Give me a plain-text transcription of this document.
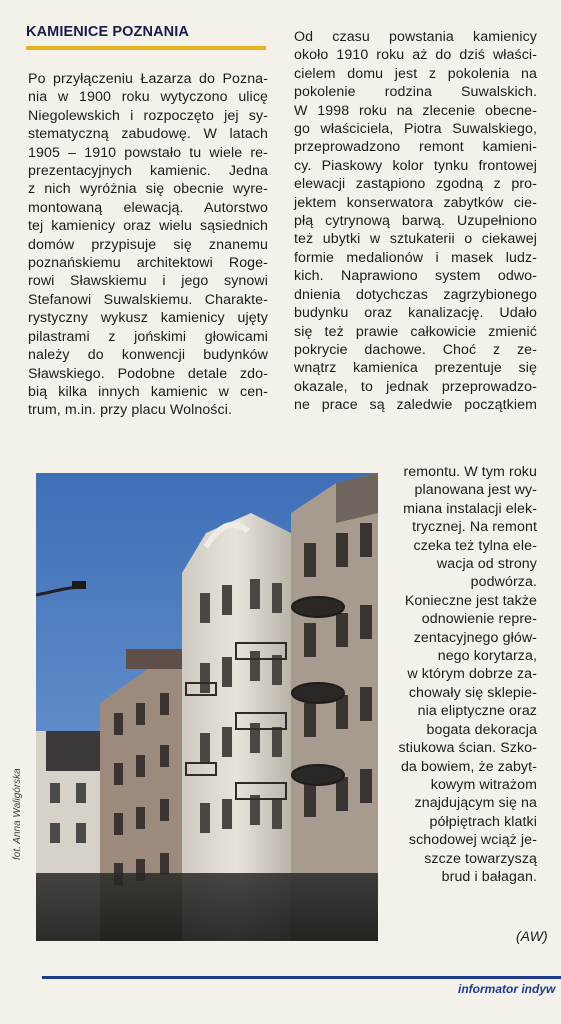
KAMIENICE POZNANIA

Po przyłączeniu Łazarza do Pozna-

nia w 1900 roku wytyczono ulicę

Niegolewskich i rozpoczęto jej sy-

stematyczną zabudowę. W latach

1905 – 1910 powstało tu wiele re-

prezentacyjnych kamienic. Jedna

z nich wyróżnia się obecnie wyre-

montowaną elewacją. Autorstwo

tej kamienicy oraz wielu sąsiednich

domów przypisuje się znanemu

poznańskiemu architektowi Roge-

rowi Sławskiemu i jego synowi

Stefanowi Suwalskiemu. Charakte-

rystyczny wykusz kamienicy ujęty

pilastrami z jońskimi głowicami

należy do konwencji budynków

Sławskiego. Podobne detale zdo-

bią kilka innych kamienic w cen-

trum, m.in. przy placu Wolności.

Od czasu powstania kamienicy

około 1910 roku aż do dziś właści-

cielem domu jest z pokolenia na

pokolenie rodzina Suwalskich.

W 1998 roku na zlecenie obecne-

go właściciela, Piotra Suwalskiego,

przeprowadzono remont kamieni-

cy. Piaskowy kolor tynku frontowej

elewacji zastąpiono zgodną z pro-

jektem konserwatora zabytków cie-

płą cytrynową barwą. Uzupełniono

też ubytki w sztukaterii o ciekawej

formie medalionów i masek ludz-

kich. Naprawiono system odwo-

dnienia dotychczas zagrzybionego

budynku oraz kanalizację. Udało

się też prawie całkowicie zmienić

pokrycie dachowe. Choć z ze-

wnątrz kamienica prezentuje się

okazale, to jednak przeprowadzo-

ne prace są zaledwie początkiem

remontu. W tym roku

planowana jest wy-

miana instalacji elek-

trycznej. Na remont

czeka też tylna ele-

wacja od strony

podwórza.

Konieczne jest także

odnowienie repre-

zentacyjnego głów-

nego korytarza,

w którym dobrze za-

chowały się sklepie-

nia eliptyczne oraz

bogata dekoracja

stiukowa ścian. Szko-

da bowiem, że zabyt-

kowym witrażom

znajdującym się na

półpiętrach klatki

schodowej wciąż je-

szcze towarzyszą

brud i bałagan.

fot. Anna Waligórska
(AW)
informator indyw
